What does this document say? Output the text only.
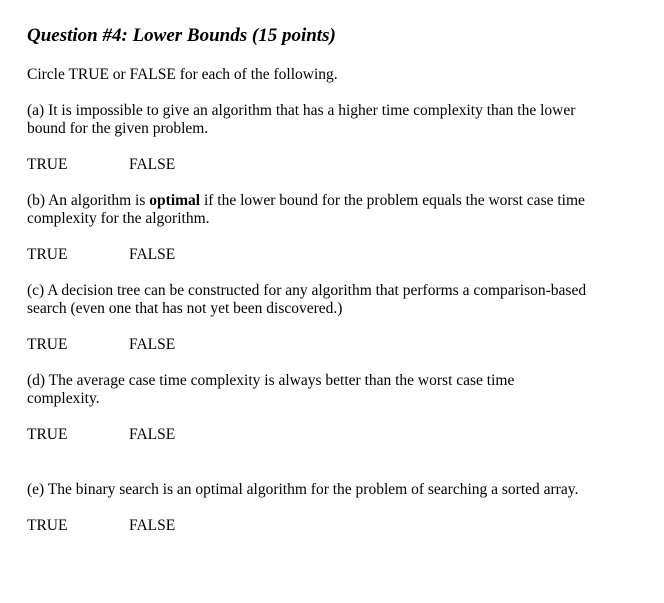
Question #4: Lower Bounds (15 points)
Circle TRUE or FALSE for each of the following.
(a) It is impossible to give an algorithm that has a higher time complexity than the lower bound for the given problem.
TRUE	FALSE
(b) An algorithm is optimal if the lower bound for the problem equals the worst case time complexity for the algorithm.
TRUE	FALSE
(c) A decision tree can be constructed for any algorithm that performs a comparison-based search (even one that has not yet been discovered.)
TRUE	FALSE
(d) The average case time complexity is always better than the worst case time complexity.
TRUE	FALSE
(e) The binary search is an optimal algorithm for the problem of searching a sorted array.
TRUE	FALSE
